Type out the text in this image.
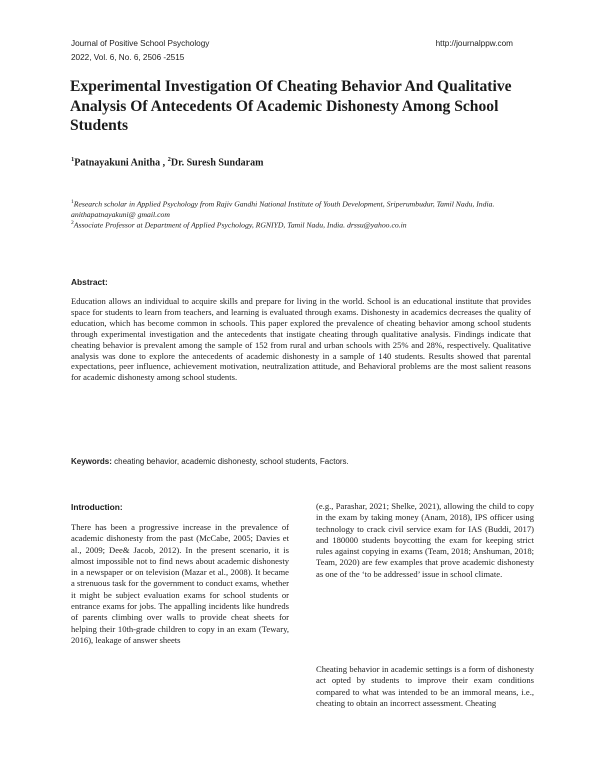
Journal of Positive School Psychology
2022, Vol. 6, No. 6, 2506 -2515
http://journalppw.com
Experimental Investigation Of Cheating Behavior And Qualitative Analysis Of Antecedents Of Academic Dishonesty Among School Students
$^1$Patnayakuni Anitha , $^2$Dr. Suresh Sundaram
$^1$Research scholar in Applied Psychology from Rajiv Gandhi National Institute of Youth Development, Sriperumbudur, Tamil Nadu, India. anithapatnayakuni@ gmail.com
$^2$Associate Professor at Department of Applied Psychology, RGNIYD, Tamil Nadu, India. drssu@yahoo.co.in
Abstract:
Education allows an individual to acquire skills and prepare for living in the world. School is an educational institute that provides space for students to learn from teachers, and learning is evaluated through exams. Dishonesty in academics decreases the quality of education, which has become common in schools. This paper explored the prevalence of cheating behavior among school students through experimental investigation and the antecedents that instigate cheating through qualitative analysis. Findings indicate that cheating behavior is prevalent among the sample of 152 from rural and urban schools with 25% and 28%, respectively. Qualitative analysis was done to explore the antecedents of academic dishonesty in a sample of 140 students. Results showed that parental expectations, peer influence, achievement motivation, neutralization attitude, and Behavioral problems are the most salient reasons for academic dishonesty among school students.
Keywords: cheating behavior, academic dishonesty, school students, Factors.
Introduction:
There has been a progressive increase in the prevalence of academic dishonesty from the past (McCabe, 2005; Davies et al., 2009; Dee& Jacob, 2012). In the present scenario, it is almost impossible not to find news about academic dishonesty in a newspaper or on television (Mazar et al., 2008). It became a strenuous task for the government to conduct exams, whether it might be subject evaluation exams for school students or entrance exams for jobs. The appalling incidents like hundreds of parents climbing over walls to provide cheat sheets for helping their 10th-grade children to copy in an exam (Tewary, 2016), leakage of answer sheets
(e.g., Parashar, 2021; Shelke, 2021), allowing the child to copy in the exam by taking money (Anam, 2018), IPS officer using technology to crack civil service exam for IAS (Buddi, 2017) and 180000 students boycotting the exam for keeping strict rules against copying in exams (Team, 2018; Anshuman, 2018; Team, 2020) are few examples that prove academic dishonesty as one of the ‘to be addressed’ issue in school climate.
Cheating behavior in academic settings is a form of dishonesty act opted by students to improve their exam conditions compared to what was intended to be an immoral means, i.e., cheating to obtain an incorrect assessment. Cheating
